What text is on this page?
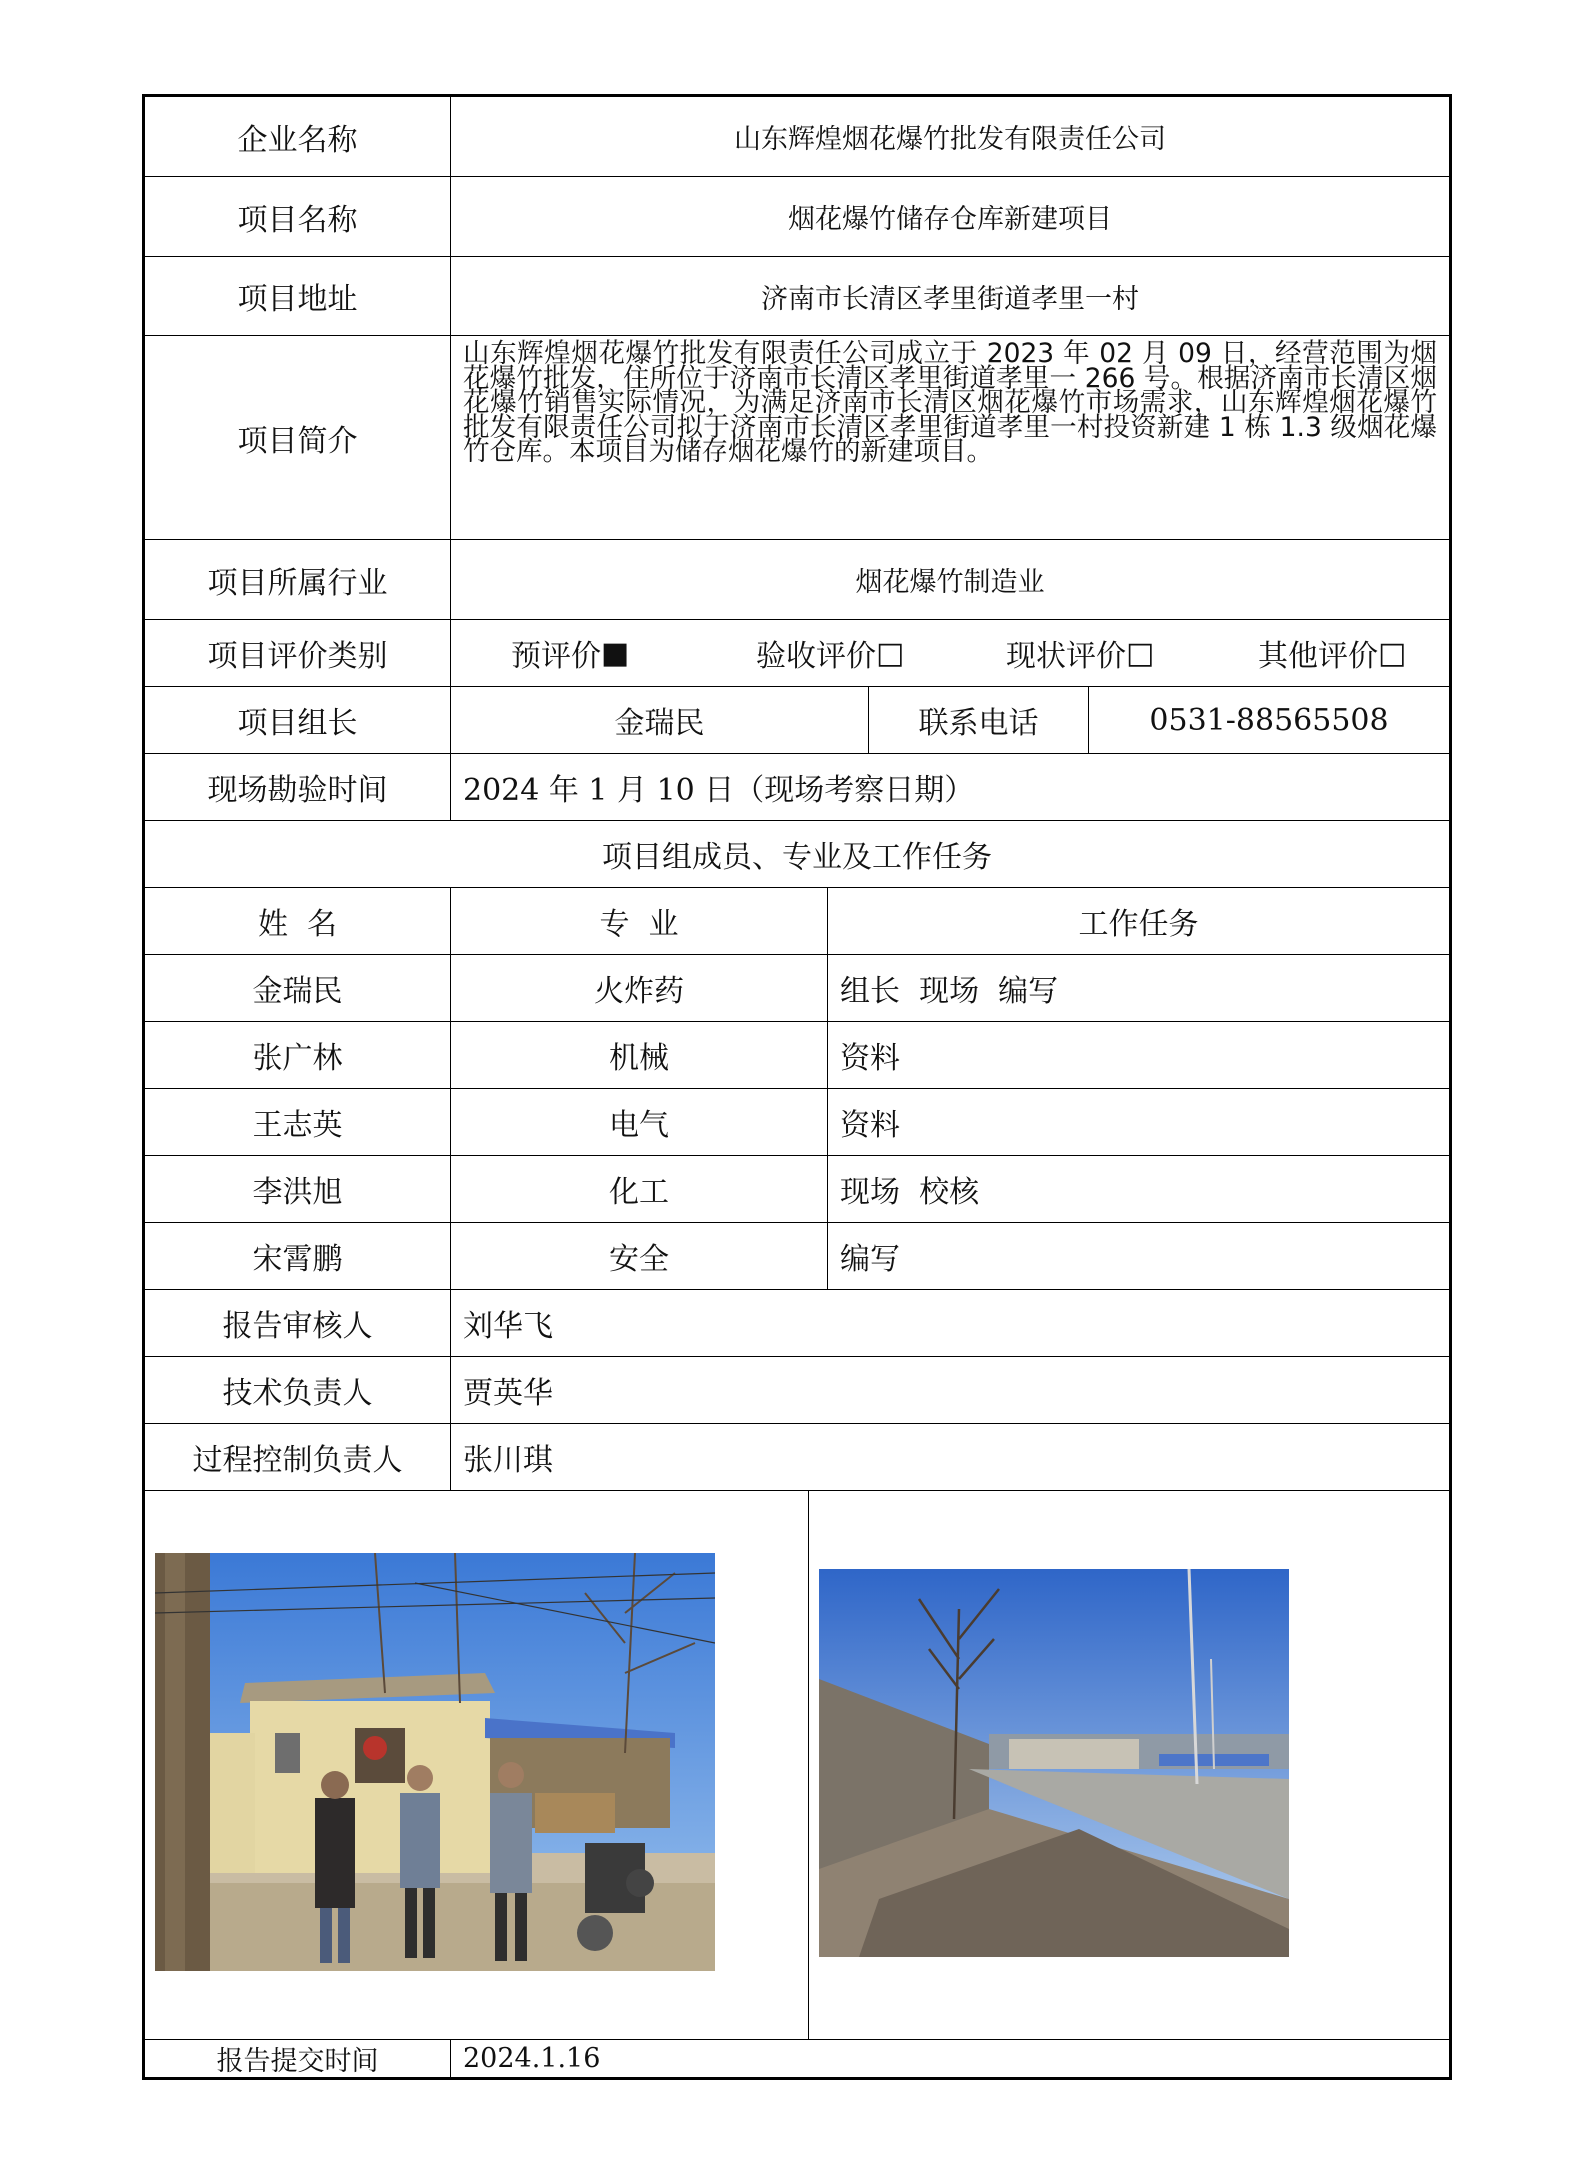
企业名称	山东辉煌烟花爆竹批发有限责任公司
项目名称	烟花爆竹储存仓库新建项目
项目地址	济南市长清区孝里街道孝里一村
项目简介
山东辉煌烟花爆竹批发有限责任公司成立于 2023 年 02 月 09 日，经营范围为烟花爆竹批发，住所位于济南市长清区孝里街道孝里一 266 号。根据济南市长清区烟花爆竹销售实际情况，为满足济南市长清区烟花爆竹市场需求，山东辉煌烟花爆竹批发有限责任公司拟于济南市长清区孝里街道孝里一村投资新建 1 栋 1.3 级烟花爆竹仓库。本项目为储存烟花爆竹的新建项目。
项目所属行业	烟花爆竹制造业
项目评价类别	预评价 ■	验收评价 □	现状评价 □	其他评价 □
项目组长	金瑞民	联系电话	0531-88565508
现场勘验时间	2024 年 1 月 10 日（现场考察日期）
项目组成员、专业及工作任务
姓  名	专  业	工作任务
金瑞民	火炸药	组长  现场  编写
张广林	机械	资料
王志英	电气	资料
李洪旭	化工	现场  校核
宋霄鹏	安全	编写
报告审核人	刘华飞
技术负责人	贾英华
过程控制负责人	张川琪
报告提交时间	2024.1.16
